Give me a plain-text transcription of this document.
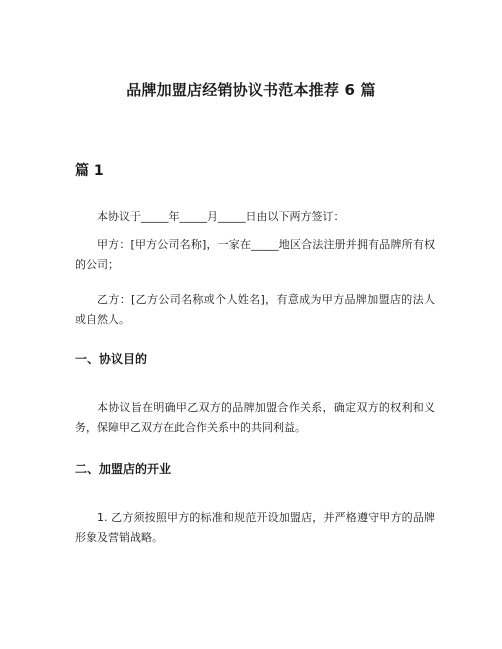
品牌加盟店经销协议书范本推荐 6 篇
篇 1

本协议于_____年_____月_____日由以下两方签订：

甲方：[甲方公司名称]，一家在_____地区合法注册并拥有品牌所有权的公司；

乙方：[乙方公司名称或个人姓名]，有意成为甲方品牌加盟店的法人或自然人。

一、协议目的

本协议旨在明确甲乙双方的品牌加盟合作关系，确定双方的权利和义务，保障甲乙双方在此合作关系中的共同利益。

二、加盟店的开业

1. 乙方须按照甲方的标准和规范开设加盟店，并严格遵守甲方的品牌形象及营销战略。
